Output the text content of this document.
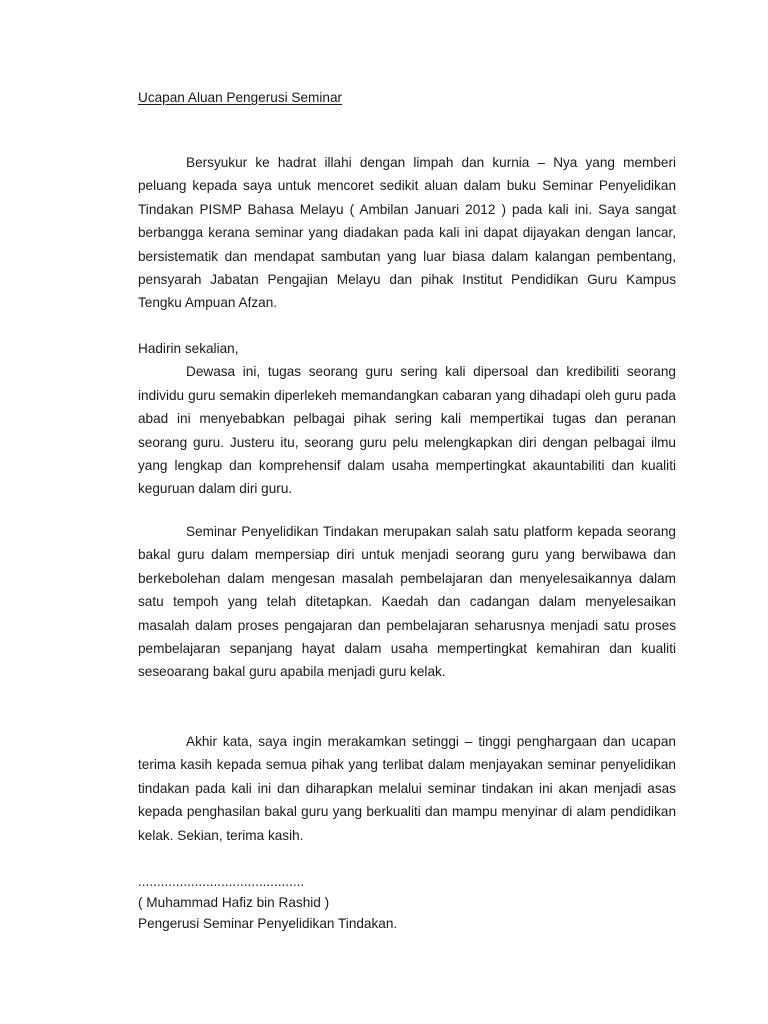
Ucapan Aluan Pengerusi Seminar

Bersyukur ke hadrat illahi dengan limpah dan kurnia – Nya yang memberi peluang kepada saya untuk mencoret sedikit aluan dalam buku Seminar Penyelidikan Tindakan PISMP Bahasa Melayu ( Ambilan Januari 2012 ) pada kali ini. Saya sangat berbangga kerana seminar yang diadakan pada kali ini dapat dijayakan dengan lancar, bersistematik dan mendapat sambutan yang luar biasa dalam kalangan pembentang, pensyarah Jabatan Pengajian Melayu dan pihak Institut Pendidikan Guru Kampus Tengku Ampuan Afzan.

Hadirin sekalian,

Dewasa ini, tugas seorang guru sering kali dipersoal dan kredibiliti seorang individu guru semakin diperlekeh memandangkan cabaran yang dihadapi oleh guru pada abad ini menyebabkan pelbagai pihak sering kali mempertikai tugas dan peranan seorang guru. Justeru itu, seorang guru pelu melengkapkan diri dengan pelbagai ilmu yang lengkap dan komprehensif dalam usaha mempertingkat akauntabiliti dan kualiti keguruan dalam diri guru.

Seminar Penyelidikan Tindakan merupakan salah satu platform kepada seorang bakal guru dalam mempersiap diri untuk menjadi seorang guru yang berwibawa dan berkebolehan dalam mengesan masalah pembelajaran dan menyelesaikannya dalam satu tempoh yang telah ditetapkan. Kaedah dan cadangan dalam menyelesaikan masalah dalam proses pengajaran dan pembelajaran seharusnya menjadi satu proses pembelajaran sepanjang hayat dalam usaha mempertingkat kemahiran dan kualiti seseoarang bakal guru apabila menjadi guru kelak.

Akhir kata, saya ingin merakamkan setinggi – tinggi penghargaan dan ucapan terima kasih kepada semua pihak yang terlibat dalam menjayakan seminar penyelidikan tindakan pada kali ini dan diharapkan melalui seminar tindakan ini akan menjadi asas kepada penghasilan bakal guru yang berkualiti dan mampu menyinar di alam pendidikan kelak. Sekian, terima kasih.

............................................

( Muhammad Hafiz bin Rashid )

Pengerusi Seminar Penyelidikan Tindakan.
